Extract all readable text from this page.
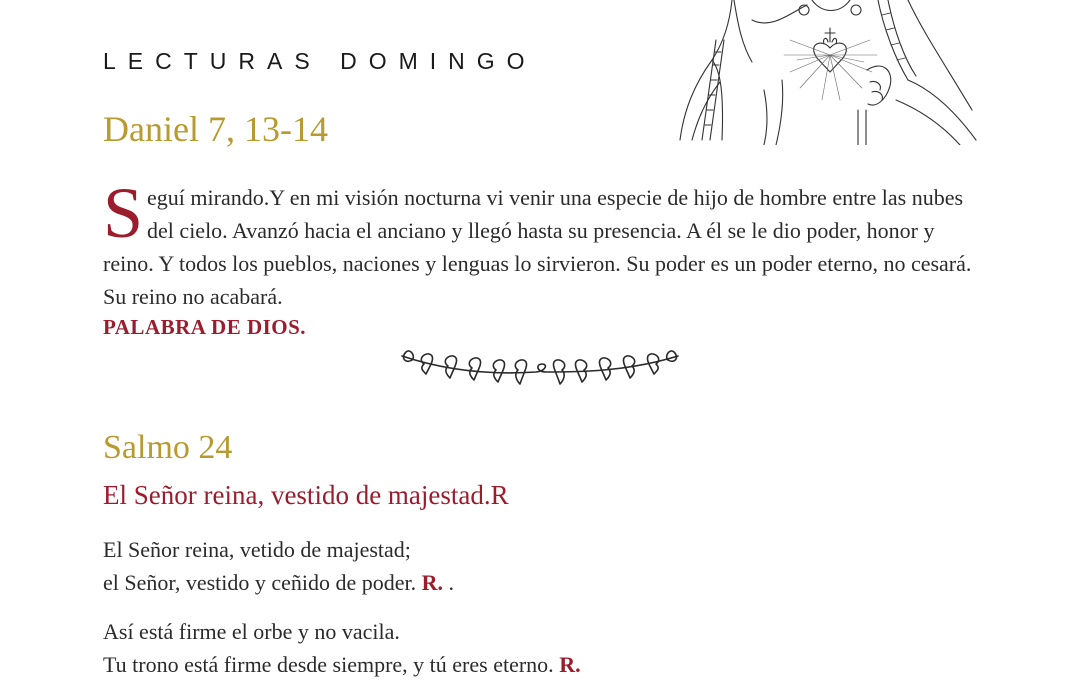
LECTURAS DOMINGO
Daniel 7, 13-14
Seguí mirando.Y en mi visión nocturna vi venir una especie de hijo de hombre entre las nubes del cielo. Avanzó hacia el anciano y llegó hasta su presencia. A él se le dio poder, honor y reino. Y todos los pueblos, naciones y lenguas lo sirvieron. Su poder es un poder eterno, no cesará. Su reino no acabará.
PALABRA DE DIOS.
Salmo 24
El Señor reina, vestido de majestad.R
El Señor reina, vetido de majestad;
el Señor, vestido y ceñido de poder. R. .
Así está firme el orbe y no vacila.
Tu trono está firme desde siempre, y tú eres eterno. R.
